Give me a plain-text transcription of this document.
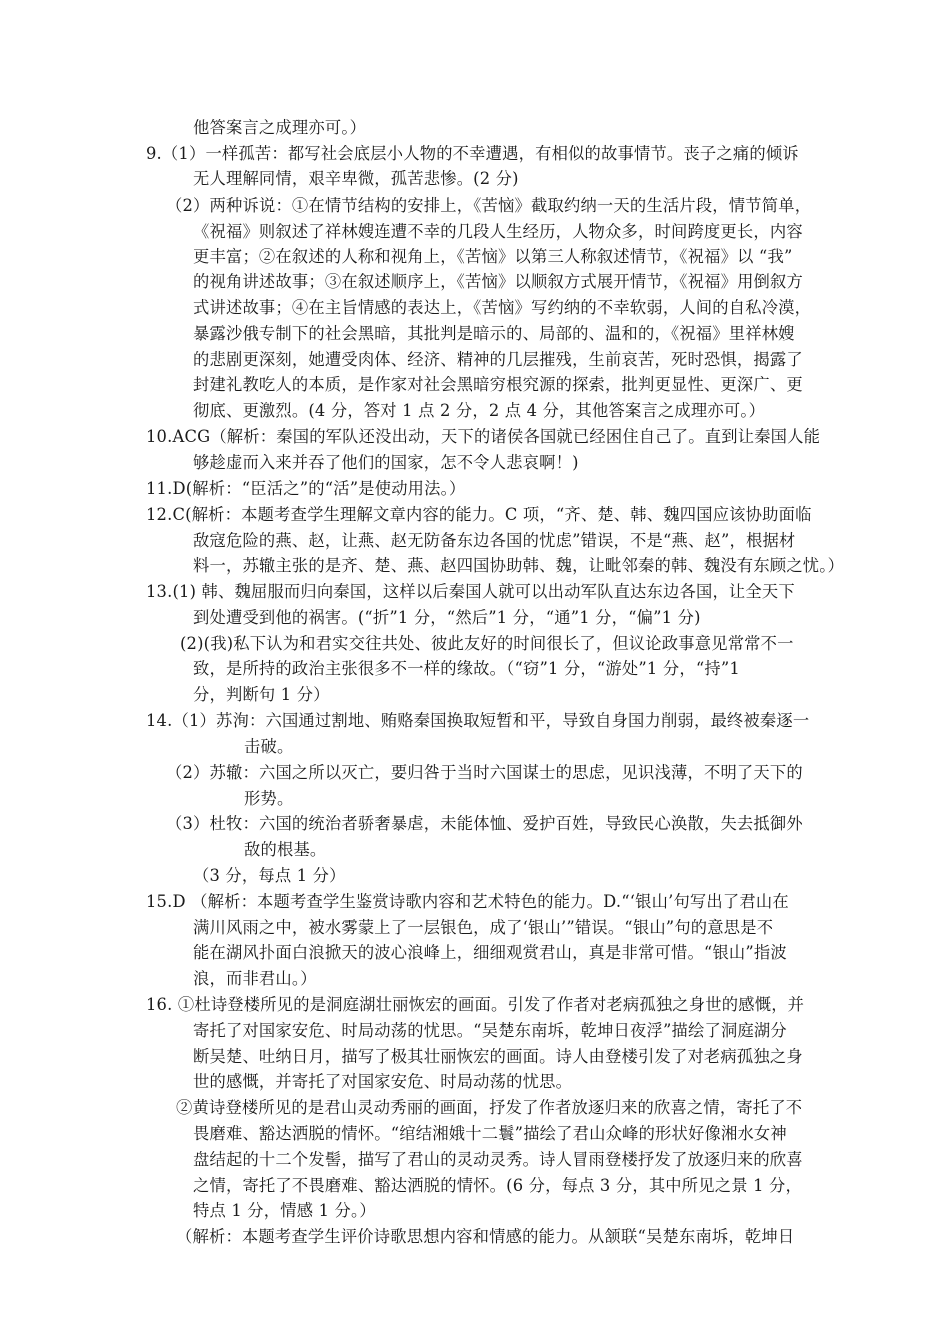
他答案言之成理亦可。）
9.（1）一样孤苦：都写社会底层小人物的不幸遭遇，有相似的故事情节。丧子之痛的倾诉
无人理解同情，艰辛卑微，孤苦悲惨。(2 分)
（2）两种诉说：①在情节结构的安排上，《苦恼》截取约纳一天的生活片段，情节简单，
《祝福》则叙述了祥林嫂连遭不幸的几段人生经历，人物众多，时间跨度更长，内容
更丰富；②在叙述的人称和视角上，《苦恼》以第三人称叙述情节，《祝福》以 “我”
的视角讲述故事；③在叙述顺序上，《苦恼》以顺叙方式展开情节，《祝福》用倒叙方
式讲述故事；④在主旨情感的表达上，《苦恼》写约纳的不幸软弱，人间的自私冷漠，
暴露沙俄专制下的社会黑暗，其批判是暗示的、局部的、温和的，《祝福》里祥林嫂
的悲剧更深刻，她遭受肉体、经济、精神的几层摧残，生前哀苦，死时恐惧，揭露了
封建礼教吃人的本质，是作家对社会黑暗穷根究源的探索，批判更显性、更深广、更
彻底、更激烈。(4 分，答对 1 点 2 分，2 点 4 分，其他答案言之成理亦可。）
10.ACG（解析：秦国的军队还没出动，天下的诸侯各国就已经困住自己了。直到让秦国人能
够趁虚而入来并吞了他们的国家，怎不令人悲哀啊！)
11.D(解析：“臣活之”的“活”是使动用法。）
12.C(解析：本题考查学生理解文章内容的能力。C 项，“齐、楚、韩、魏四国应该协助面临
敌寇危险的燕、赵，让燕、赵无防备东边各国的忧虑”错误，不是“燕、赵”，根据材
料一，苏辙主张的是齐、楚、燕、赵四国协助韩、魏，让毗邻秦的韩、魏没有东顾之忧。）
13.(1) 韩、魏屈服而归向秦国，这样以后秦国人就可以出动军队直达东边各国，让全天下
到处遭受到他的祸害。(“折”1 分，“然后”1 分，“通”1 分，“偏”1 分)
(2)(我)私下认为和君实交往共处、彼此友好的时间很长了，但议论政事意见常常不一
致，是所持的政治主张很多不一样的缘故。（“窃”1 分，“游处”1 分，“持”1
分，判断句 1 分）
14.（1）苏洵：六国通过割地、贿赂秦国换取短暂和平，导致自身国力削弱，最终被秦逐一
击破。
（2）苏辙：六国之所以灭亡，要归咎于当时六国谋士的思虑，见识浅薄，不明了天下的
形势。
（3）杜牧：六国的统治者骄奢暴虐，未能体恤、爱护百姓，导致民心涣散，失去抵御外
敌的根基。
（3 分，每点 1 分）
15.D （解析：本题考查学生鉴赏诗歌内容和艺术特色的能力。D.“‘银山’句写出了君山在
满川风雨之中，被水雾蒙上了一层银色，成了‘银山’”错误。“银山”句的意思是不
能在湖风扑面白浪掀天的波心浪峰上，细细观赏君山，真是非常可惜。“银山”指波
浪，而非君山。）
16. ①杜诗登楼所见的是洞庭湖壮丽恢宏的画面。引发了作者对老病孤独之身世的感慨，并
寄托了对国家安危、时局动荡的忧思。“吴楚东南坼，乾坤日夜浮”描绘了洞庭湖分
断吴楚、吐纳日月，描写了极其壮丽恢宏的画面。诗人由登楼引发了对老病孤独之身
世的感慨，并寄托了对国家安危、时局动荡的忧思。
②黄诗登楼所见的是君山灵动秀丽的画面，抒发了作者放逐归来的欣喜之情，寄托了不
畏磨难、豁达洒脱的情怀。“绾结湘娥十二鬟”描绘了君山众峰的形状好像湘水女神
盘结起的十二个发髻，描写了君山的灵动灵秀。诗人冒雨登楼抒发了放逐归来的欣喜
之情，寄托了不畏磨难、豁达洒脱的情怀。(6 分，每点 3 分，其中所见之景 1 分，
特点 1 分，情感 1 分。）
（解析：本题考查学生评价诗歌思想内容和情感的能力。从颔联“吴楚东南坼，乾坤日
